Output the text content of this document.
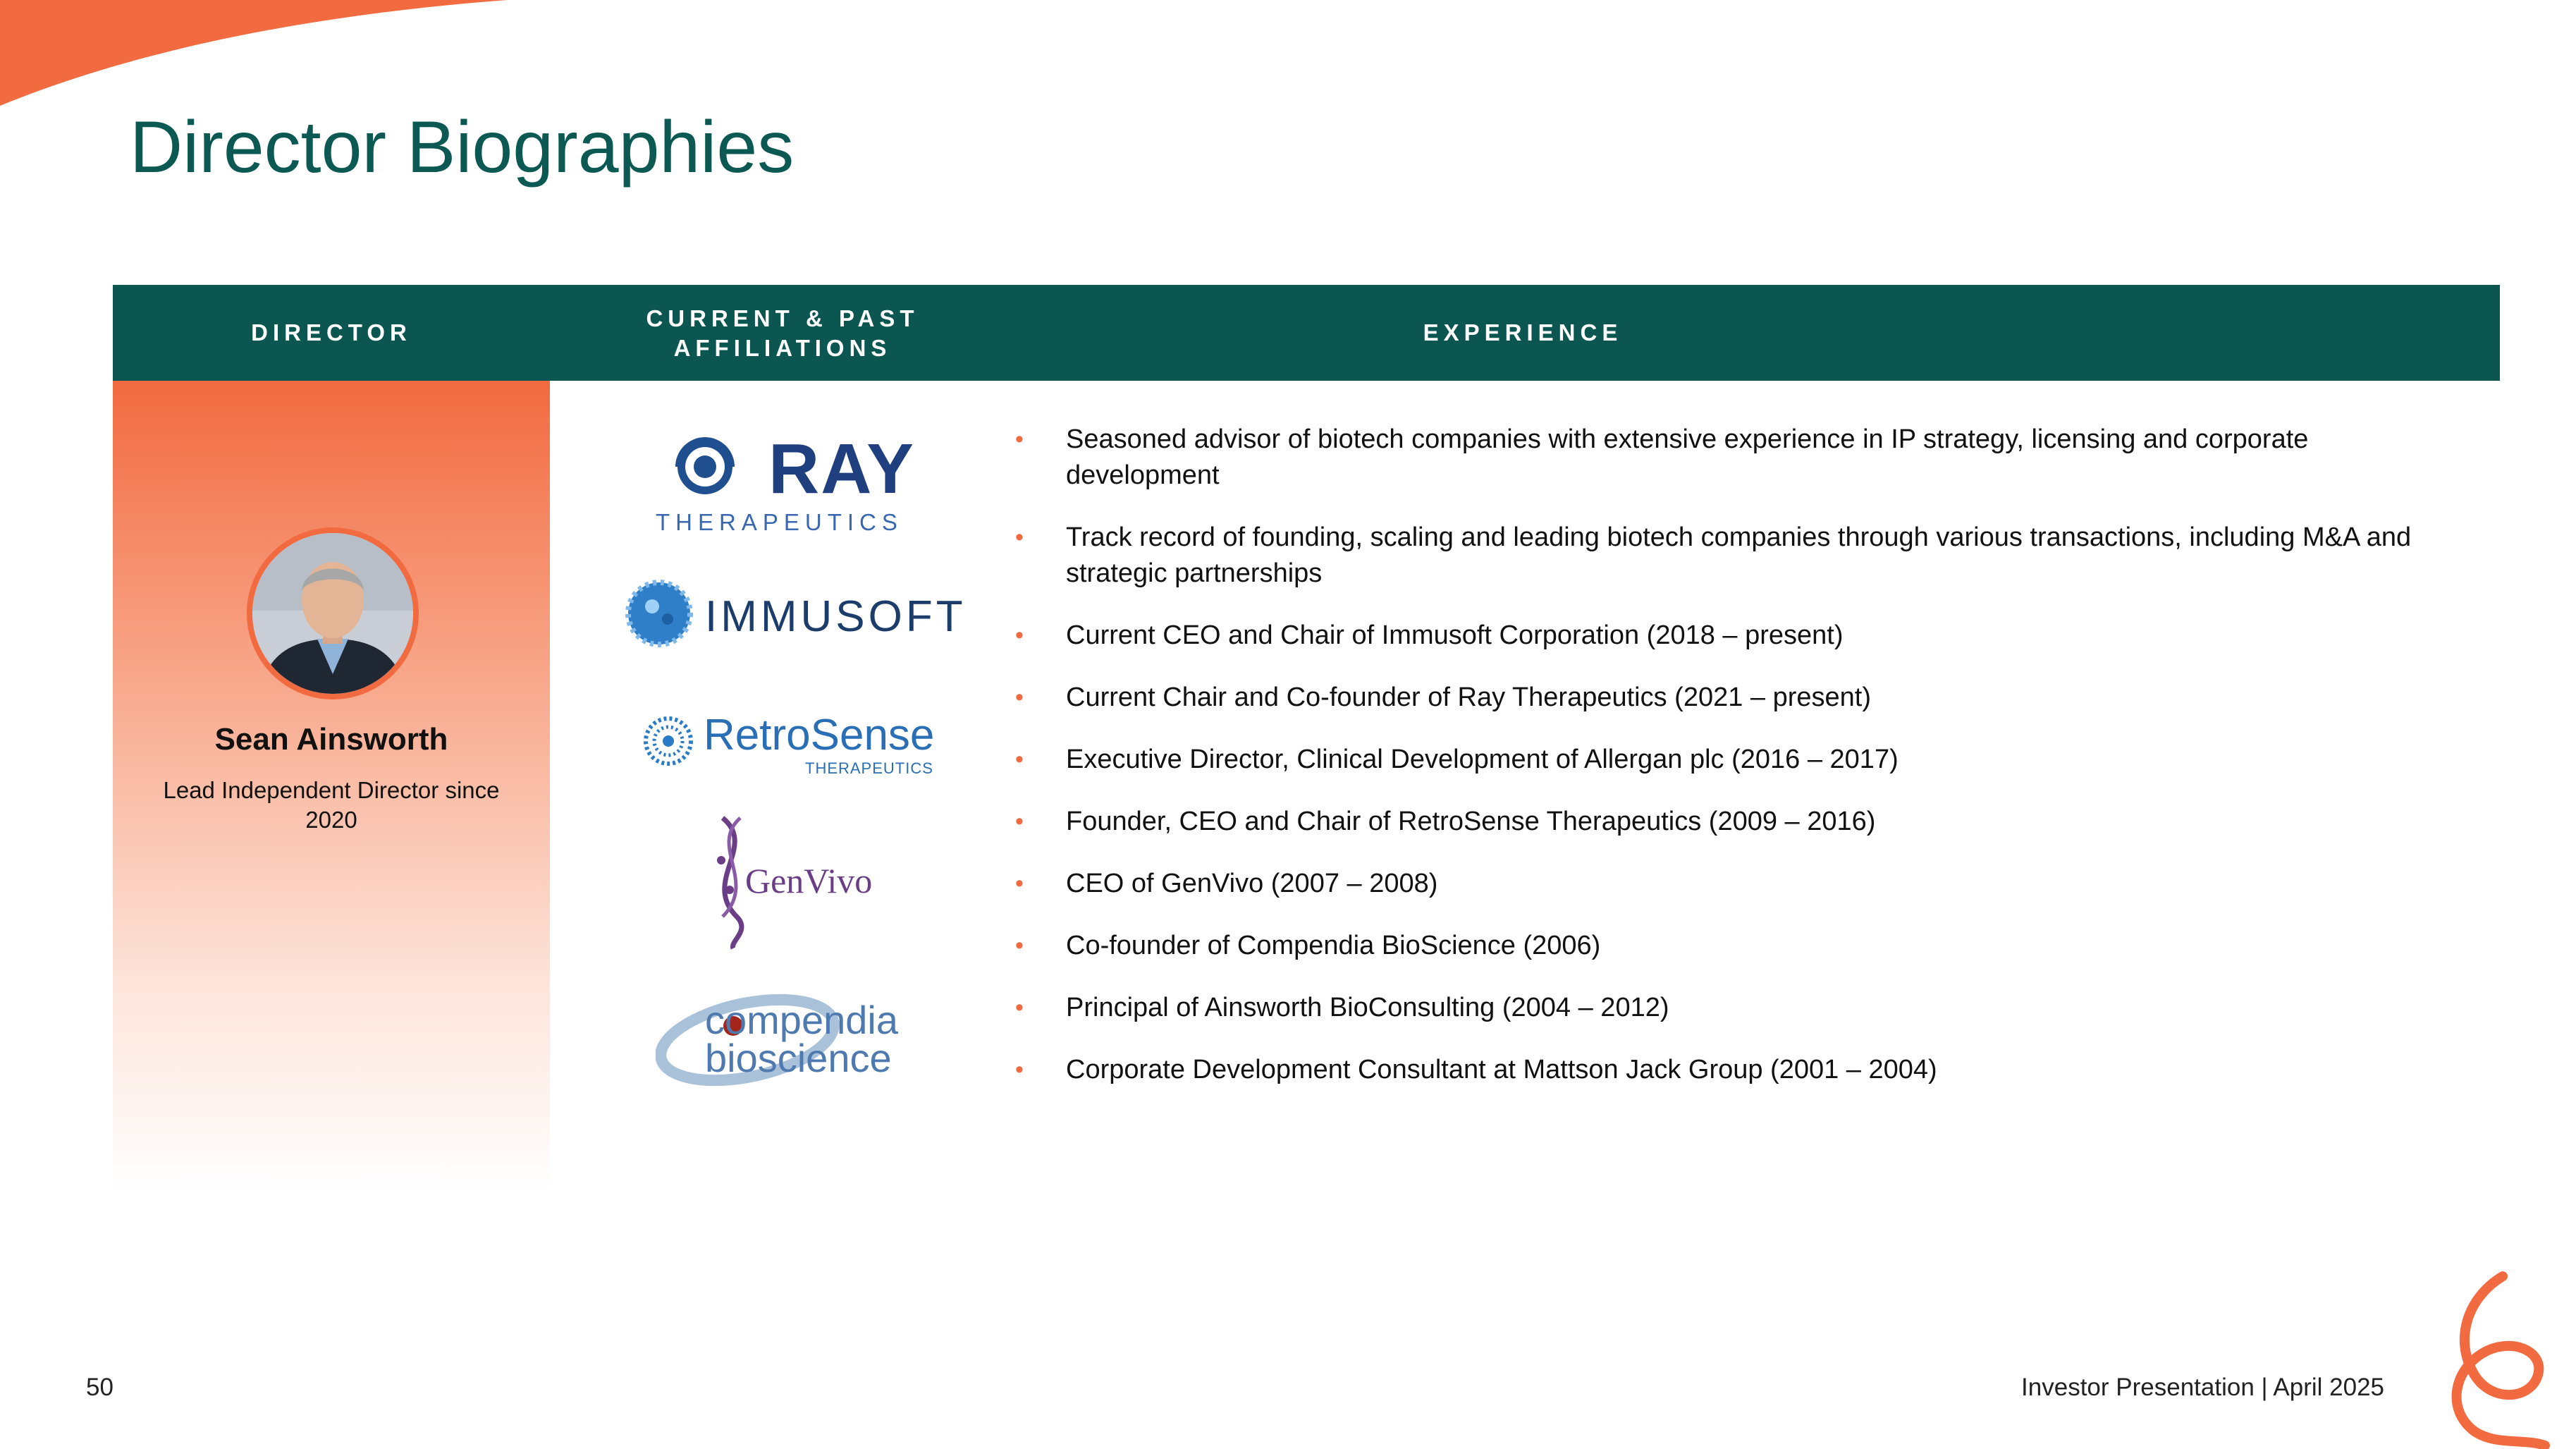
Director Biographies
DIRECTOR
CURRENT & PAST
AFFILIATIONS
EXPERIENCE
Sean Ainsworth
Lead Independent Director since 2020
RAY
THERAPEUTICS
IMMUSOFT
RetroSense
THERAPEUTICS
GenVivo
compendia bioscience
• Seasoned advisor of biotech companies with extensive experience in IP strategy, licensing and corporate development
• Track record of founding, scaling and leading biotech companies through various transactions, including M&A and strategic partnerships
• Current CEO and Chair of Immusoft Corporation (2018 – present)
• Current Chair and Co-founder of Ray Therapeutics (2021 – present)
• Executive Director, Clinical Development of Allergan plc (2016 – 2017)
• Founder, CEO and Chair of RetroSense Therapeutics (2009 – 2016)
• CEO of GenVivo (2007 – 2008)
• Co-founder of Compendia BioScience (2006)
• Principal of Ainsworth BioConsulting (2004 – 2012)
• Corporate Development Consultant at Mattson Jack Group (2001 – 2004)
50	Investor Presentation | April 2025
